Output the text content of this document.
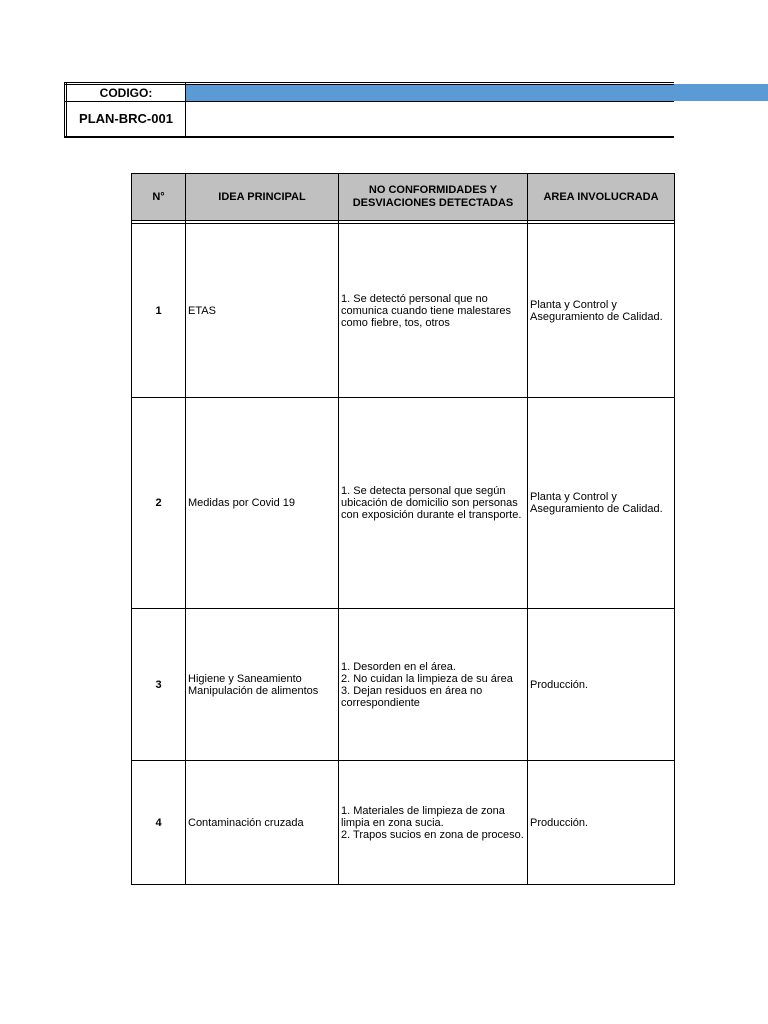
CODIGO:
PLAN-BRC-001
N°	IDEA PRINCIPAL	NO CONFORMIDADES Y DESVIACIONES DETECTADAS	AREA INVOLUCRADA

1	ETAS	1. Se detectó personal que no comunica cuando tiene malestares como fiebre, tos, otros	Planta y Control y Aseguramiento de Calidad.
2	Medidas por Covid 19	1. Se detecta personal que según ubicación de domicilio son personas con exposición durante el transporte.	Planta y Control y Aseguramiento de Calidad.
3	Higiene y Saneamiento Manipulación de alimentos	1. Desorden en el área.
2. No cuidan la limpieza de su área
3. Dejan residuos en área no correspondiente	Producción.
4	Contaminación cruzada	1. Materiales de limpieza de zona limpia en zona sucia.
2. Trapos sucios en zona de proceso.	Producción.
